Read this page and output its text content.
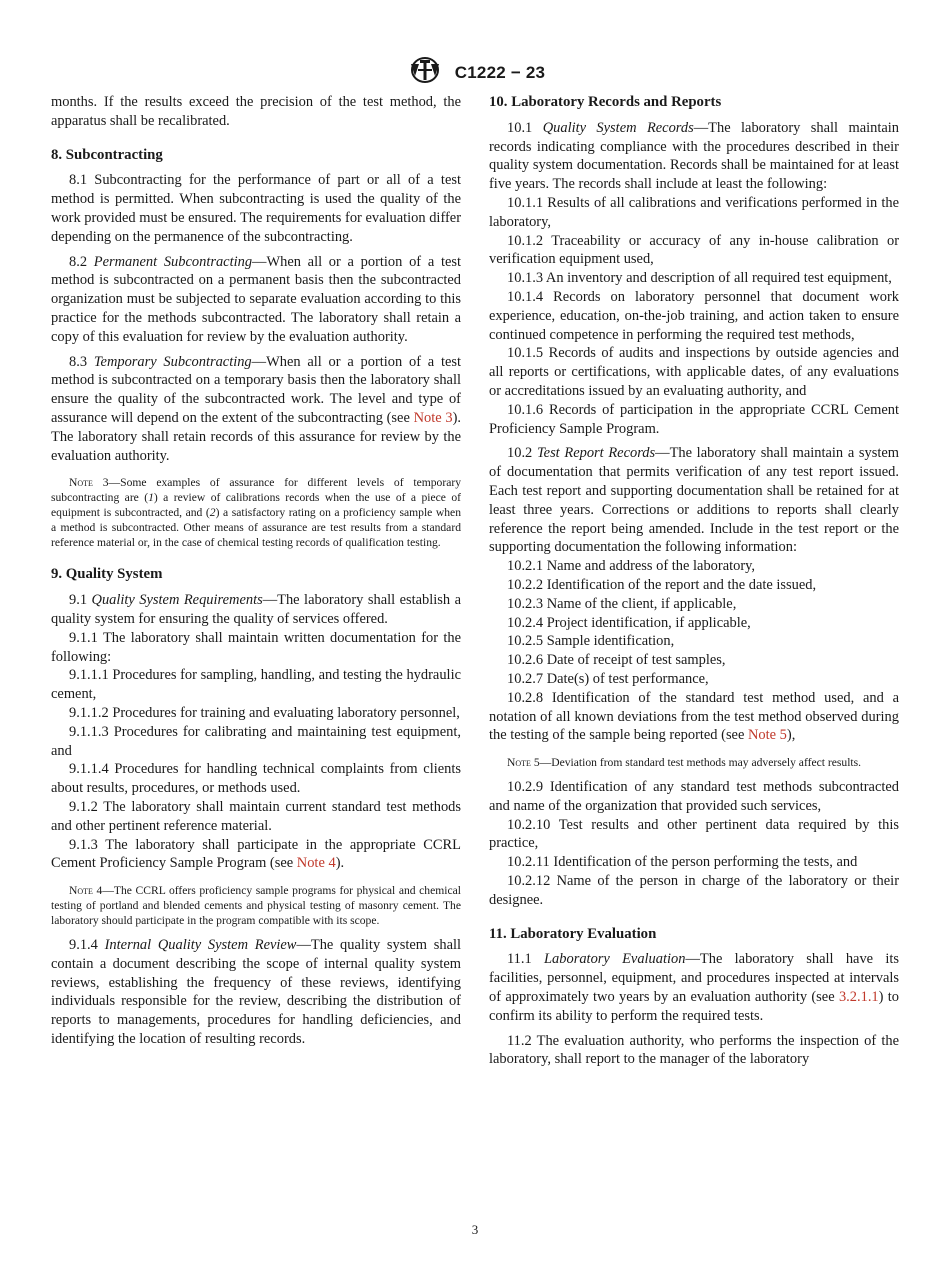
C1222 − 23

months. If the results exceed the precision of the test method, the apparatus shall be recalibrated.

8. Subcontracting

8.1 Subcontracting for the performance of part or all of a test method is permitted. When subcontracting is used the quality of the work provided must be ensured. The requirements for evaluation differ depending on the permanence of the subcontracting.

8.2 Permanent Subcontracting—When all or a portion of a test method is subcontracted on a permanent basis then the subcontracted organization must be subjected to separate evaluation according to this practice for the methods subcontracted. The laboratory shall retain a copy of this evaluation for review by the evaluation authority.

8.3 Temporary Subcontracting—When all or a portion of a test method is subcontracted on a temporary basis then the laboratory shall ensure the quality of the subcontracted work. The level and type of assurance will depend on the extent of the subcontracting (see Note 3). The laboratory shall retain records of this assurance for review by the evaluation authority.

Note 3—Some examples of assurance for different levels of temporary subcontracting are (1) a review of calibrations records when the use of a piece of equipment is subcontracted, and (2) a satisfactory rating on a proficiency sample when a method is subcontracted. Other means of assurance are test results from a standard reference material or, in the case of chemical testing records of qualification testing.

9. Quality System

9.1 Quality System Requirements—The laboratory shall establish a quality system for ensuring the quality of services offered.

9.1.1 The laboratory shall maintain written documentation for the following:

9.1.1.1 Procedures for sampling, handling, and testing the hydraulic cement,

9.1.1.2 Procedures for training and evaluating laboratory personnel,

9.1.1.3 Procedures for calibrating and maintaining test equipment, and

9.1.1.4 Procedures for handling technical complaints from clients about results, procedures, or methods used.

9.1.2 The laboratory shall maintain current standard test methods and other pertinent reference material.

9.1.3 The laboratory shall participate in the appropriate CCRL Cement Proficiency Sample Program (see Note 4).

Note 4—The CCRL offers proficiency sample programs for physical and chemical testing of portland and blended cements and physical testing of masonry cement. The laboratory should participate in the program compatible with its scope.

9.1.4 Internal Quality System Review—The quality system shall contain a document describing the scope of internal quality system reviews, establishing the frequency of these reviews, identifying individuals responsible for the review, describing the distribution of reports to managements, procedures for handling deficiencies, and identifying the location of resulting records.

10. Laboratory Records and Reports

10.1 Quality System Records—The laboratory shall maintain records indicating compliance with the procedures described in their quality system documentation. Records shall be maintained for at least five years. The records shall include at least the following:

10.1.1 Results of all calibrations and verifications performed in the laboratory,

10.1.2 Traceability or accuracy of any in-house calibration or verification equipment used,

10.1.3 An inventory and description of all required test equipment,

10.1.4 Records on laboratory personnel that document work experience, education, on-the-job training, and action taken to ensure continued competence in performing the required test methods,

10.1.5 Records of audits and inspections by outside agencies and all reports or certifications, with applicable dates, of any evaluations or accreditations issued by an evaluating authority, and

10.1.6 Records of participation in the appropriate CCRL Cement Proficiency Sample Program.

10.2 Test Report Records—The laboratory shall maintain a system of documentation that permits verification of any test report issued. Each test report and supporting documentation shall be retained for at least three years. Corrections or additions to reports shall clearly reference the report being amended. Include in the test report or the supporting documentation the following information:

10.2.1 Name and address of the laboratory,

10.2.2 Identification of the report and the date issued,

10.2.3 Name of the client, if applicable,

10.2.4 Project identification, if applicable,

10.2.5 Sample identification,

10.2.6 Date of receipt of test samples,

10.2.7 Date(s) of test performance,

10.2.8 Identification of the standard test method used, and a notation of all known deviations from the test method observed during the testing of the sample being reported (see Note 5),

Note 5—Deviation from standard test methods may adversely affect results.

10.2.9 Identification of any standard test methods subcontracted and name of the organization that provided such services,

10.2.10 Test results and other pertinent data required by this practice,

10.2.11 Identification of the person performing the tests, and

10.2.12 Name of the person in charge of the laboratory or their designee.

11. Laboratory Evaluation

11.1 Laboratory Evaluation—The laboratory shall have its facilities, personnel, equipment, and procedures inspected at intervals of approximately two years by an evaluation authority (see 3.2.1.1) to confirm its ability to perform the required tests.

11.2 The evaluation authority, who performs the inspection of the laboratory, shall report to the manager of the laboratory

3
